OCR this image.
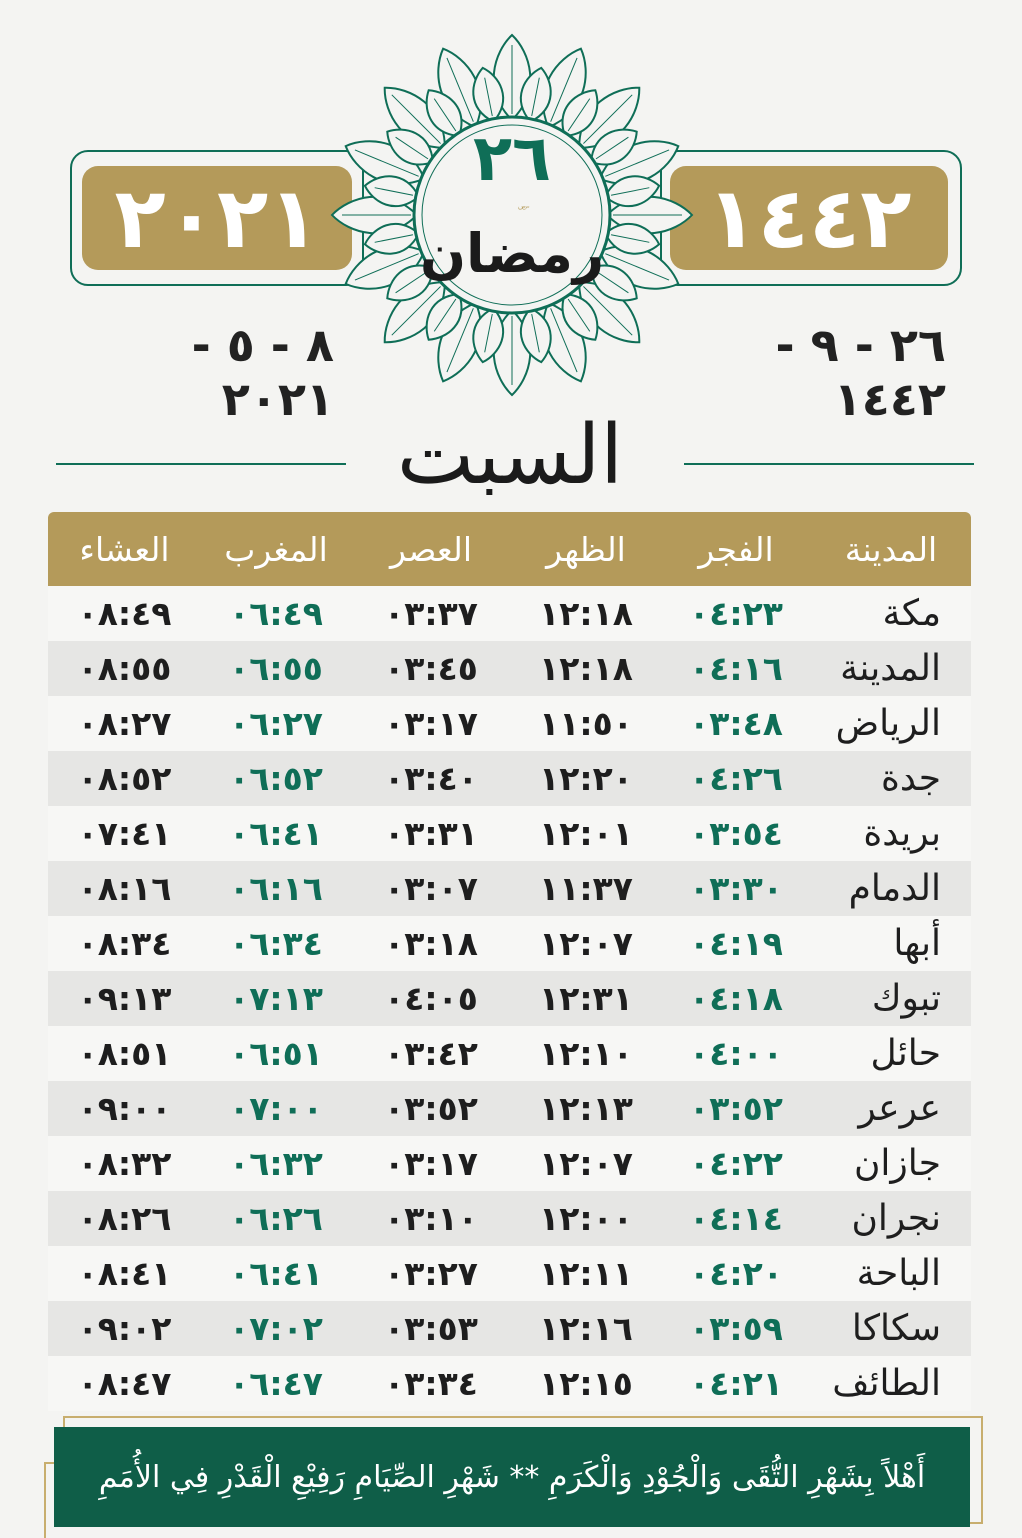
٢٠٢١	١٤٤٢
٢٦
رمضان
ۜ ۜ ۜ
٨ - ٥ - ٢٠٢١
٢٦ - ٩ - ١٤٤٢
السبت
المدينة
الفجر
الظهر
العصر
المغرب
العشاء
مكة
٠٤:٢٣
١٢:١٨
٠٣:٣٧
٠٦:٤٩
٠٨:٤٩
المدينة
٠٤:١٦
١٢:١٨
٠٣:٤٥
٠٦:٥٥
٠٨:٥٥
الرياض
٠٣:٤٨
١١:٥٠
٠٣:١٧
٠٦:٢٧
٠٨:٢٧
جدة
٠٤:٢٦
١٢:٢٠
٠٣:٤٠
٠٦:٥٢
٠٨:٥٢
بريدة
٠٣:٥٤
١٢:٠١
٠٣:٣١
٠٦:٤١
٠٧:٤١
الدمام
٠٣:٣٠
١١:٣٧
٠٣:٠٧
٠٦:١٦
٠٨:١٦
أبها
٠٤:١٩
١٢:٠٧
٠٣:١٨
٠٦:٣٤
٠٨:٣٤
تبوك
٠٤:١٨
١٢:٣١
٠٤:٠٥
٠٧:١٣
٠٩:١٣
حائل
٠٤:٠٠
١٢:١٠
٠٣:٤٢
٠٦:٥١
٠٨:٥١
عرعر
٠٣:٥٢
١٢:١٣
٠٣:٥٢
٠٧:٠٠
٠٩:٠٠
جازان
٠٤:٢٢
١٢:٠٧
٠٣:١٧
٠٦:٣٢
٠٨:٣٢
نجران
٠٤:١٤
١٢:٠٠
٠٣:١٠
٠٦:٢٦
٠٨:٢٦
الباحة
٠٤:٢٠
١٢:١١
٠٣:٢٧
٠٦:٤١
٠٨:٤١
سكاكا
٠٣:٥٩
١٢:١٦
٠٣:٥٣
٠٧:٠٢
٠٩:٠٢
الطائف
٠٤:٢١
١٢:١٥
٠٣:٣٤
٠٦:٤٧
٠٨:٤٧
أَهْلاً بِشَهْرِ التُّقَى وَالْجُوْدِ وَالْكَرَمِ ** شَهْرِ الصِّيَامِ رَفِيْعِ الْقَدْرِ فِي الأُمَمِ
